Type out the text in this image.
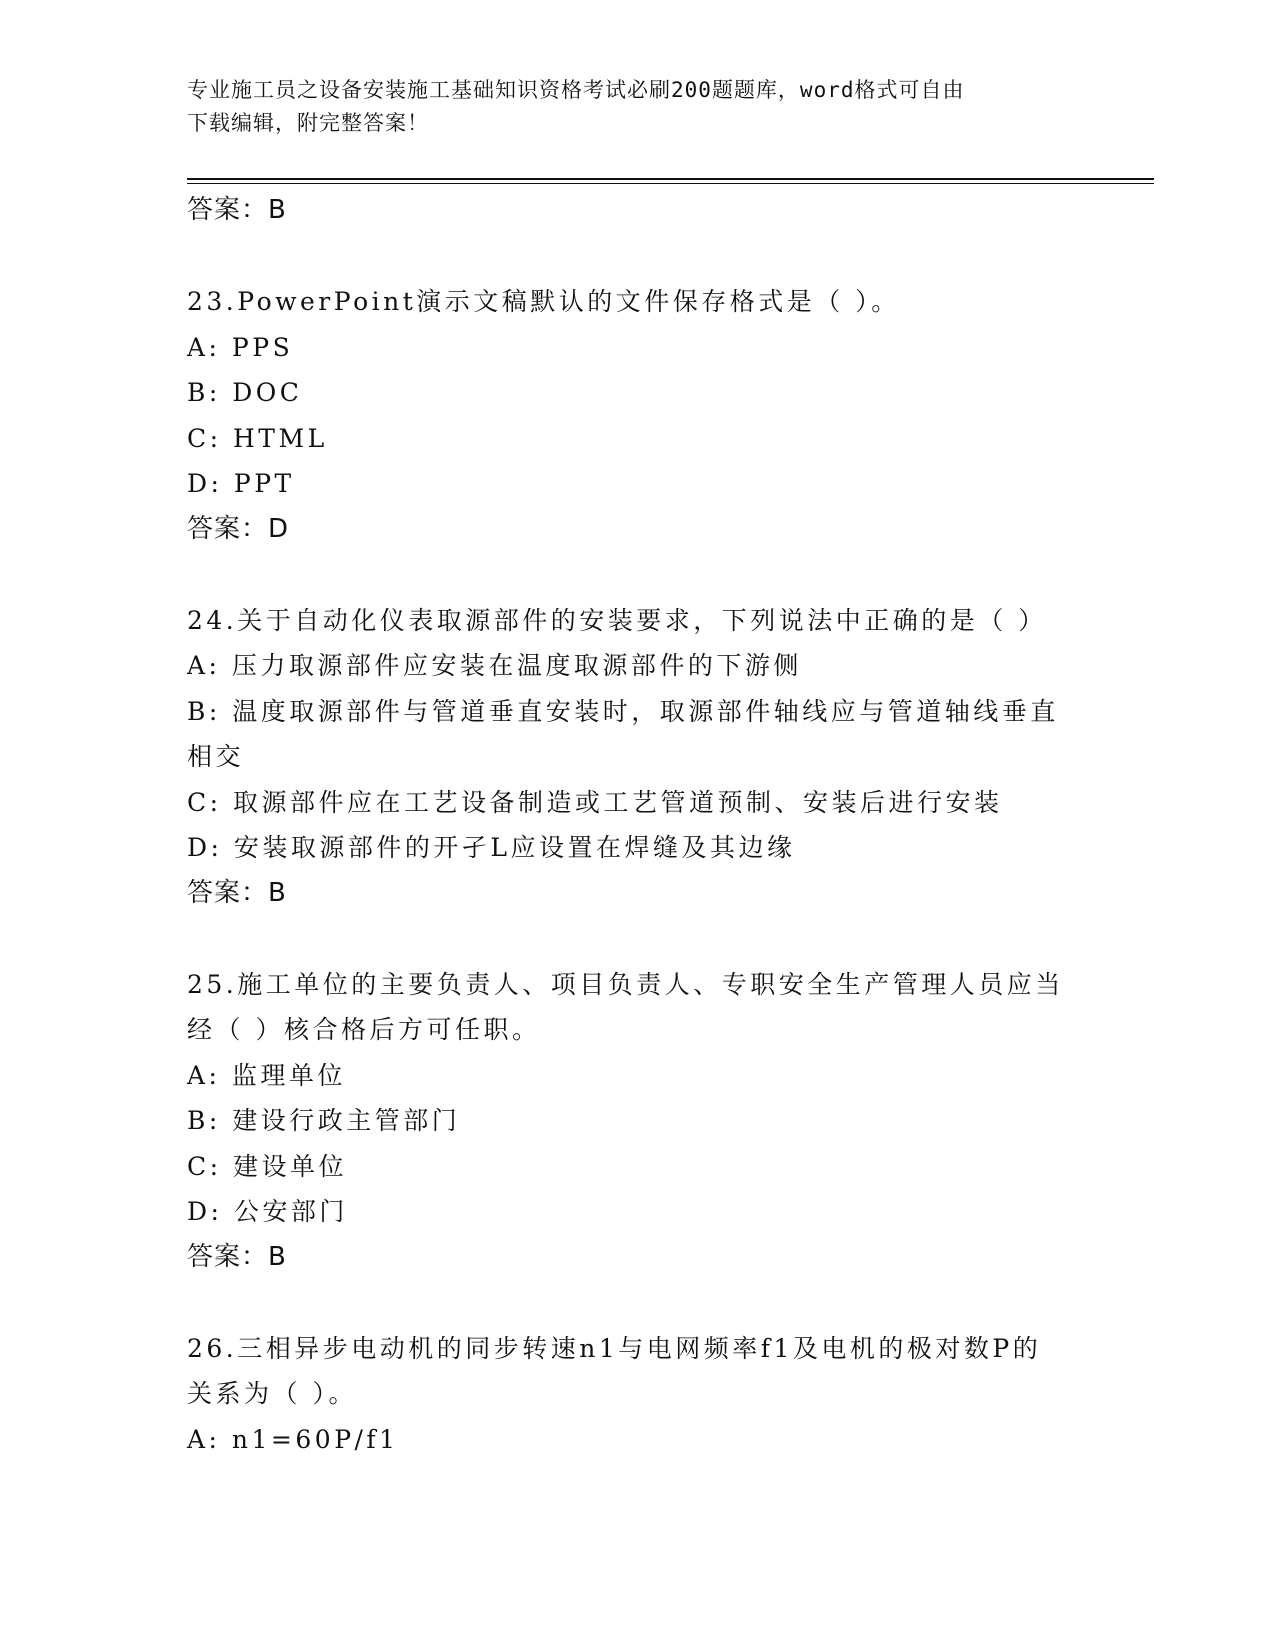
专业施工员之设备安装施工基础知识资格考试必刷200题题库，word格式可自由
下载编辑，附完整答案！
答案：B
23.PowerPoint演示文稿默认的文件保存格式是（ ）。
A: PPS
B: DOC
C: HTML
D: PPT
答案：D
24.关于自动化仪表取源部件的安装要求，下列说法中正确的是（ ）
A: 压力取源部件应安装在温度取源部件的下游侧
B: 温度取源部件与管道垂直安装时，取源部件轴线应与管道轴线垂直
相交
C: 取源部件应在工艺设备制造或工艺管道预制、安装后进行安装
D: 安装取源部件的开孑L应设置在焊缝及其边缘
答案：B
25.施工单位的主要负责人、项目负责人、专职安全生产管理人员应当
经（ ）核合格后方可任职。
A: 监理单位
B: 建设行政主管部门
C: 建设单位
D: 公安部门
答案：B
26.三相异步电动机的同步转速n1与电网频率f1及电机的极对数P的
关系为（ ）。
A: n1=60P/f1
